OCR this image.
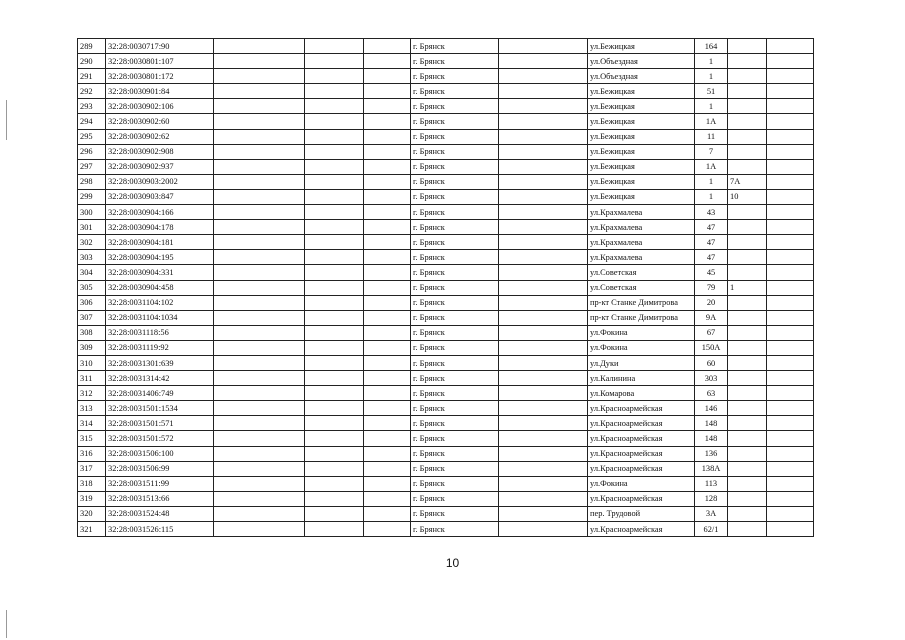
289	32:28:0030717:90				г. Брянск		ул.Бежицкая	164		
290	32:28:0030801:107				г. Брянск		ул.Объездная	1		
291	32:28:0030801:172				г. Брянск		ул.Объездная	1		
292	32:28:0030901:84				г. Брянск		ул.Бежицкая	51		
293	32:28:0030902:106				г. Брянск		ул.Бежицкая	1		
294	32:28:0030902:60				г. Брянск		ул.Бежицкая	1А		
295	32:28:0030902:62				г. Брянск		ул.Бежицкая	11		
296	32:28:0030902:908				г. Брянск		ул.Бежицкая	7		
297	32:28:0030902:937				г. Брянск		ул.Бежицкая	1А		
298	32:28:0030903:2002				г. Брянск		ул.Бежицкая	1	7А	
299	32:28:0030903:847				г. Брянск		ул.Бежицкая	1	10	
300	32:28:0030904:166				г. Брянск		ул.Крахмалева	43		
301	32:28:0030904:178				г. Брянск		ул.Крахмалева	47		
302	32:28:0030904:181				г. Брянск		ул.Крахмалева	47		
303	32:28:0030904:195				г. Брянск		ул.Крахмалева	47		
304	32:28:0030904:331				г. Брянск		ул.Советская	45		
305	32:28:0030904:458				г. Брянск		ул.Советская	79	1	
306	32:28:0031104:102				г. Брянск		пр-кт Станке Димитрова	20		
307	32:28:0031104:1034				г. Брянск		пр-кт Станке Димитрова	9А		
308	32:28:0031118:56				г. Брянск		ул.Фокина	67		
309	32:28:0031119:92				г. Брянск		ул.Фокина	150А		
310	32:28:0031301:639				г. Брянск		ул.Дуки	60		
311	32:28:0031314:42				г. Брянск		ул.Калинина	303		
312	32:28:0031406:749				г. Брянск		ул.Комарова	63		
313	32:28:0031501:1534				г. Брянск		ул.Красноармейская	146		
314	32:28:0031501:571				г. Брянск		ул.Красноармейская	148		
315	32:28:0031501:572				г. Брянск		ул.Красноармейская	148		
316	32:28:0031506:100				г. Брянск		ул.Красноармейская	136		
317	32:28:0031506:99				г. Брянск		ул.Красноармейская	138А		
318	32:28:0031511:99				г. Брянск		ул.Фокина	113		
319	32:28:0031513:66				г. Брянск		ул.Красноармейская	128		
320	32:28:0031524:48				г. Брянск		пер. Трудовой	3А		
321	32:28:0031526:115				г. Брянск		ул.Красноармейская	62/1		
10
